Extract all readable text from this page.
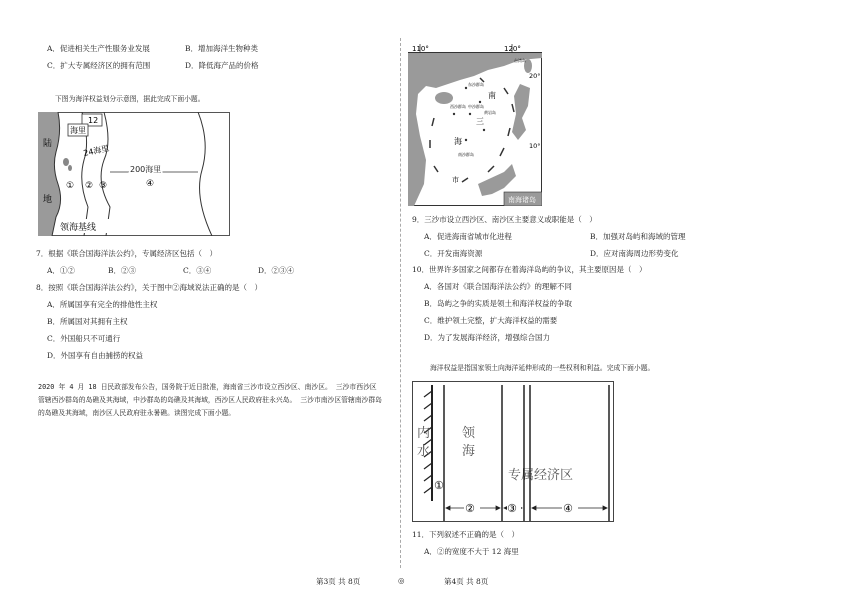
A．促进相关生产性服务业发展	B．增加海洋生物种类
C．扩大专属经济区的拥有范围	D．降低海产品的价格
下图为海洋权益划分示意图，据此完成下面小题。
12
海里
24海里
200海里
陆
地
① ② ③	④
领海基线
7．根据《联合国海洋法公约》，专属经济区包括（　）
A．①②	B．②③	C．③④	D．②③④
8．按照《联合国海洋法公约》，关于图中②海域说法正确的是（　）
A．所属国享有完全的排他性主权
B．所属国对其拥有主权
C．外国船只不可通行
D．外国享有自由捕捞的权益
2020 年 4 月 18 日民政部发布公告，国务院于近日批准，海南省三沙市设立西沙区、南沙区。 三沙市西沙区管辖西沙群岛的岛礁及其海域，中沙群岛的岛礁及其海域，西沙区人民政府驻永兴岛。 三沙市南沙区管辖南沙群岛的岛礁及其海域，南沙区人民政府驻永暑礁。读图完成下面小题。
110°	120°
20°
10°
台湾岛
东沙群岛
西沙群岛 中沙群岛
黄岩岛
南沙群岛
南
三
海
市
南海诸岛
9．三沙市设立西沙区、南沙区主要意义或职能是（　）
A．促进海南省城市化进程	B．加强对岛屿和海域的管理
C．开发南海资源	D．应对南海周边形势变化
10．世界许多国家之间都存在着海洋岛屿的争议，其主要原因是（　）
A．各国对《联合国海洋法公约》的理解不同
B．岛屿之争的实质是领土和海洋权益的争取
C．维护领土完整，扩大海洋权益的需要
D．为了发展海洋经济，增强综合国力
海洋权益是指国家领土向海洋延伸形成的一些权利和利益。完成下面小题。
②	③	④
①
内
水
领
海
专属经济区
11．下列叙述不正确的是（　）
A．②的宽度不大于 12 海里
第3页 共 8页	◎	第4页 共 8页
